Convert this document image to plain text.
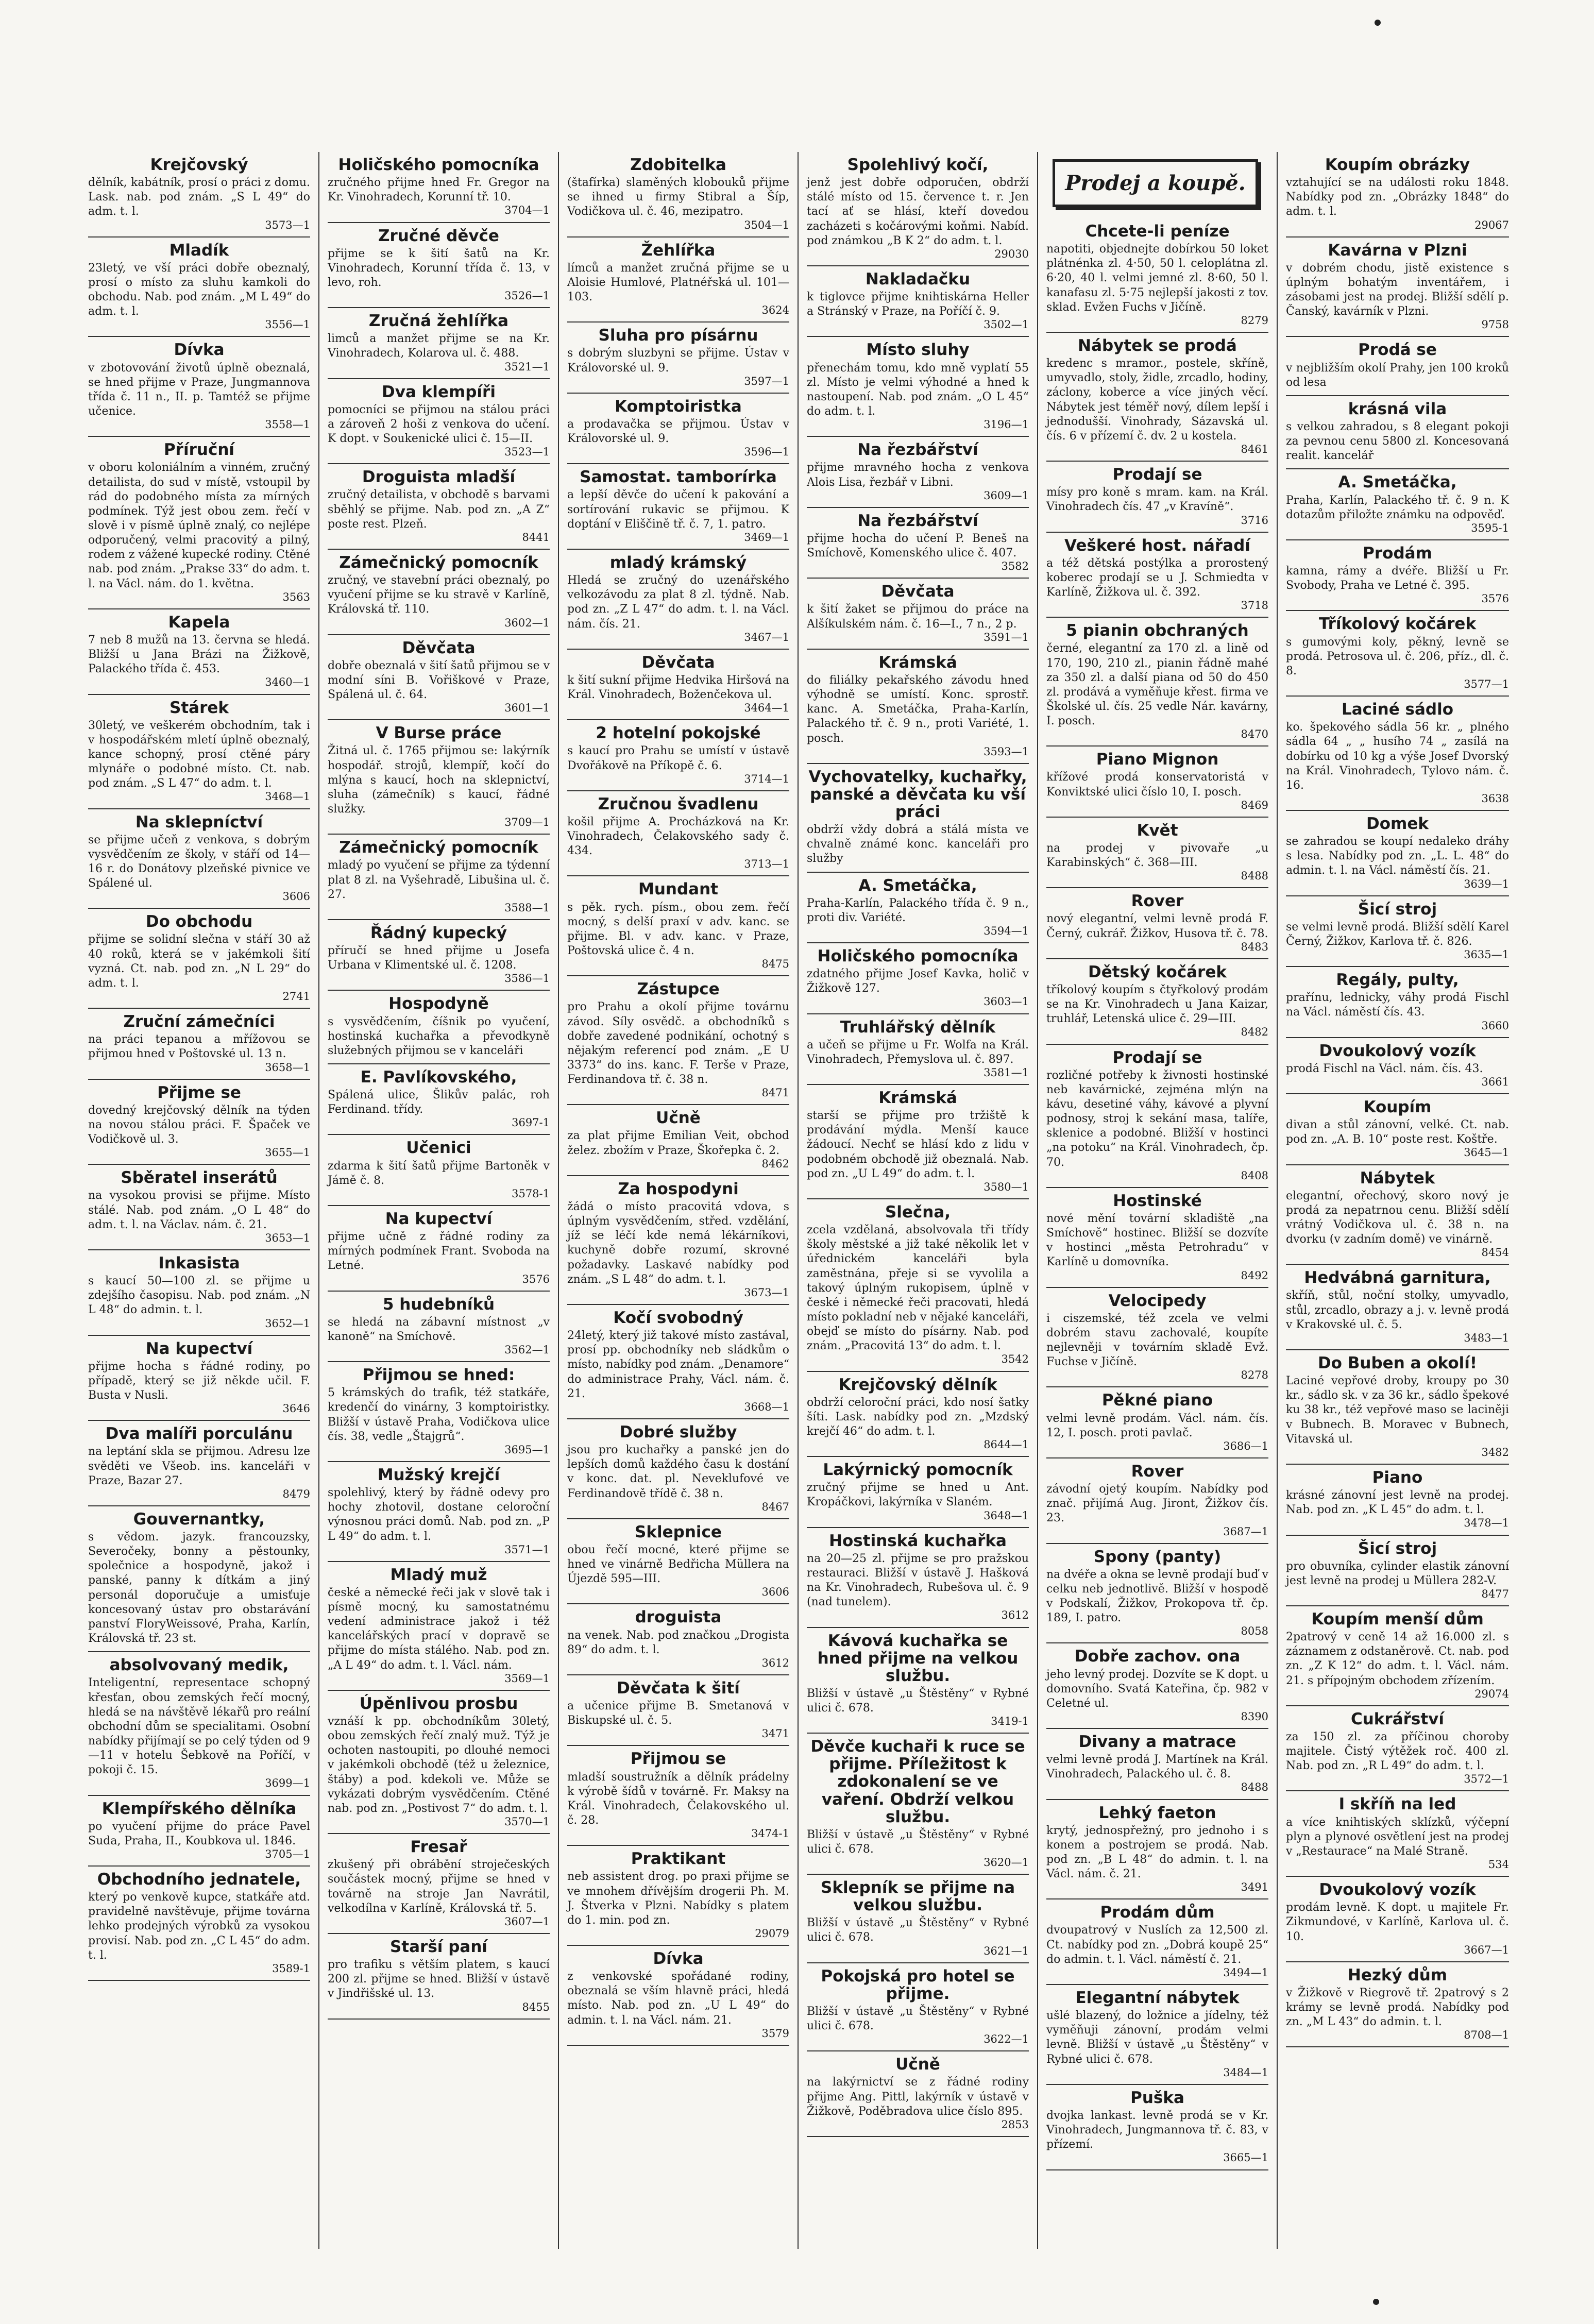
Krejčovský
dělník, kabátník, prosí o práci z domu. Lask. nab. pod znám. „S L 49“ do adm. t. l.
3573—1
Mladík
23letý, ve vší práci dobře obeznalý, prosí o místo za sluhu kamkoli do obchodu. Nab. pod znám. „M L 49“ do adm. t. l.
3556—1
Dívka
v zbotovování životů úplně obeznalá, se hned přijme v Praze, Jungmannova třída č. 11 n., II. p. Tamtéž se přijme učenice.
3558—1
Příruční
v oboru koloniálním a vinném, zručný detailista, do sud v místě, vstoupil by rád do podobného místa za mírných podmínek. Týž jest obou zem. řečí v slově i v písmě úplně znalý, co nejlépe odporučený, velmi pracovitý a pilný, rodem z vážené kupecké rodiny. Ctěné nab. pod znám. „Prakse 33“ do adm. t. l. na Václ. nám. do 1. května.
3563
Kapela
7 neb 8 mužů na 13. června se hledá. Bližší u Jana Brázi na Žižkově, Palackého třída č. 453.
3460—1
Stárek
30letý, ve veškerém obchodním, tak i v hospodářském mletí úplně obeznalý, kance schopný, prosí ctěné páry mlynáře o podobné místo. Ct. nab. pod znám. „S L 47“ do adm. t. l.
3468—1
Na sklepníctví
se přijme učeň z venkova, s dobrým vysvědčením ze školy, v stáří od 14—16 r. do Donátovy plzeňské pivnice ve Spálené ul.
3606
Do obchodu
přijme se solidní slečna v stáří 30 až 40 roků, která se v jakémkoli šití vyzná. Ct. nab. pod zn. „N L 29“ do adm. t. l.
2741
Zruční zámečníci
na práci tepanou a mřížovou se přijmou hned v Poštovské ul. 13 n.
3658—1
Přijme se
dovedný krejčovský dělník na týden na novou stálou práci. F. Špaček ve Vodičkově ul. 3.
3655—1
Sběratel inserátů
na vysokou provisi se přijme. Místo stálé. Nab. pod znám. „O L 48“ do adm. t. l. na Václav. nám. č. 21.
3653—1
Inkasista
s kaucí 50—100 zl. se přijme u zdejšího časopisu. Nab. pod znám. „N L 48“ do admin. t. l.
3652—1
Na kupectví
přijme hocha s řádné rodiny, po případě, který se již někde učil. F. Busta v Nusli.
3646
Dva malíři porculánu
na leptání skla se přijmou. Adresu lze svěděti ve Všeob. ins. kanceláři v Praze, Bazar 27.
8479
Gouvernantky,
s vědom. jazyk. francouzsky, Severočeky, bonny a pěstounky, společnice a hospodyně, jakož i panské, panny k dítkám a jiný personál doporučuje a umisťuje koncesovaný ústav pro obstarávání panství FloryWeissové, Praha, Karlín, Královská tř. 23 st.
absolvovaný medik,
Inteligentní, representace schopný křesťan, obou zemských řečí mocný, hledá se na návštěvě lékařů pro reální obchodní dům se specialitami. Osobní nabídky přijímají se po celý týden od 9—11 v hotelu Šebkově na Poříčí, v pokoji č. 15.
3699—1
Klempířského dělníka
po vyučení přijme do práce Pavel Suda, Praha, II., Koubkova ul. 1846.
3705—1
Obchodního jednatele,
který po venkově kupce, statkáře atd. pravidelně navštěvuje, přijme továrna lehko prodejných výrobků za vysokou provisí. Nab. pod zn. „C L 45“ do adm. t. l.
3589-1
Holičského pomocníka
zručného přijme hned Fr. Gregor na Kr. Vinohradech, Korunní tř. 10.
3704—1
Zručné děvče
přijme se k šití šatů na Kr. Vinohradech, Korunní třída č. 13, v levo, roh.
3526—1
Zručná žehlířka
limců a manžet přijme se na Kr. Vinohradech, Kolarova ul. č. 488.
3521—1
Dva klempíři
pomocníci se přijmou na stálou práci a zároveň 2 hoši z venkova do učení. K dopt. v Soukenické ulici č. 15—II.
3523—1
Droguista mladší
zručný detailista, v obchodě s barvami sběhlý se přijme. Nab. pod zn. „A Z“ poste rest. Plzeň.
8441
Zámečnický pomocník
zručný, ve stavební práci obeznalý, po vyučení přijme se ku stravě v Karlíně, Královská tř. 110.
3602—1
Děvčata
dobře obeznalá v šití šatů přijmou se v modní síni B. Vořiškové v Praze, Spálená ul. č. 64.
3601—1
V Burse práce
Žitná ul. č. 1765 přijmou se: lakýrník hospodář. strojů, klempíř, kočí do mlýna s kaucí, hoch na sklepnictví, sluha (zámečník) s kaucí, řádné služky.
3709—1
Zámečnický pomocník
mladý po vyučení se přijme za týdenní plat 8 zl. na Vyšehradě, Libušina ul. č. 27.
3588—1
Řádný kupecký
příručí se hned přijme u Josefa Urbana v Klimentské ul. č. 1208.
3586—1
Hospodyně
s vysvědčením, číšnik po vyučení, hostinská kuchařka a převodkyně služebných přijmou se v kanceláři
E. Pavlíkovského,
Spálená ulice, Šlikův palác, roh Ferdinand. třídy.
3697-1
Učenici
zdarma k šití šatů přijme Bartoněk v Jámě č. 8.
3578-1
Na kupectví
přijme učně z řádné rodiny za mírných podmínek Frant. Svoboda na Letné.
3576
5 hudebníků
se hledá na zábavní místnost „v kanoně“ na Smíchově.
3562—1
Přijmou se hned:
5 krámských do trafik, též statkáře, kredenčí do vinárny, 3 komptoiristky. Bližší v ústavě Praha, Vodičkova ulice čís. 38, vedle „Štajgrů“.
3695—1
Mužský krejčí
spolehlivý, který by řádně odevy pro hochy zhotovil, dostane celoroční výnosnou práci domů. Nab. pod zn. „P L 49“ do adm. t. l.
3571—1
Mladý muž
české a německé řeči jak v slově tak i písmě mocný, ku samostatnému vedení administrace jakož i též kancelářských prací v dopravě se přijme do místa stálého. Nab. pod zn. „A L 49“ do adm. t. l. Václ. nám.
3569—1
Úpěnlivou prosbu
vznáší k pp. obchodníkům 30letý, obou zemských řečí znalý muž. Týž je ochoten nastoupiti, po dlouhé nemoci v jakémkoli obchodě (též u železnice, štáby) a pod. kdekoli ve. Může se vykázati dobrým vysvědčením. Ctěné nab. pod zn. „Postivost 7“ do adm. t. l.
3570—1
Fresař
zkušený při obrábění stroječeských součástek mocný, přijme se hned v továrně na stroje Jan Navrátil, velkodílna v Karlíně, Královská tř. 5.
3607—1
Starší paní
pro trafiku s větším platem, s kaucí 200 zl. přijme se hned. Bližší v ústavě v Jindřišské ul. 13.
8455
Zdobitelka
(štafírka) slaměných klobouků přijme se ihned u firmy Stibral a Šíp, Vodičkova ul. č. 46, mezipatro.
3504—1
Žehlířka
límců a manžet zručná přijme se u Aloisie Humlové, Platnéřská ul. 101—103.
3624
Sluha pro písárnu
s dobrým sluzbyni se přijme. Ústav v Královorské ul. 9.
3597—1
Komptoiristka
a prodavačka se přijmou. Ústav v Královorské ul. 9.
3596—1
Samostat. tamborírka
a lepší děvče do učení k pakování a sortírování rukavic se přijmou. K doptání v Eliščině tř. č. 7, 1. patro.
3469—1
mladý krámský
Hledá se zručný do uzenářského velkozávodu za plat 8 zl. týdně. Nab. pod zn. „Z L 47“ do adm. t. l. na Václ. nám. čís. 21.
3467—1
Děvčata
k šití sukní přijme Hedvika Hiršová na Král. Vinohradech, Boženčekova ul.
3464—1
2 hotelní pokojské
s kaucí pro Prahu se umístí v ústavě Dvořákově na Příkopě č. 6.
3714—1
Zručnou švadlenu
košil přijme A. Procházková na Kr. Vinohradech, Čelakovského sady č. 434.
3713—1
Mundant
s pěk. rych. písm., obou zem. řečí mocný, s delší praxí v adv. kanc. se přijme. Bl. v adv. kanc. v Praze, Poštovská ulice č. 4 n.
8475
Zástupce
pro Prahu a okolí přijme továrnu závod. Síly osvědč. a obchodníků s dobře zavedené podnikání, ochotný s nějakým referencí pod znám. „E U 3373“ do ins. kanc. F. Terše v Praze, Ferdinandova tř. č. 38 n.
8471
Učně
za plat přijme Emilian Veit, obchod želez. zbožím v Praze, Škořepka č. 2.
8462
Za hospodyni
žádá o místo pracovitá vdova, s úplným vysvědčením, střed. vzdělání, jíž se léčí kde nemá lékárníkovi, kuchyně dobře rozumí, skrovné požadavky. Laskavé nabídky pod znám. „S L 48“ do adm. t. l.
3673—1
Kočí svobodný
24letý, který již takové místo zastával, prosí pp. obchodníky neb sládkům o místo, nabídky pod znám. „Denamore“ do administrace Prahy, Václ. nám. č. 21.
3668—1
Dobré služby
jsou pro kuchařky a panské jen do lepších domů každého času k dostání v konc. dat. pl. Neveklufové ve Ferdinandově třídě č. 38 n.
8467
Sklepnice
obou řečí mocné, které přijme se hned ve vinárně Bedřicha Müllera na Újezdě 595—III.
3606
droguista
na venek. Nab. pod značkou „Drogista 89“ do adm. t. l.
3612
Děvčata k šití
a učenice přijme B. Smetanová v Biskupské ul. č. 5.
3471
Přijmou se
mladší soustružník a dělník prádelny k výrobě šídů v továrně. Fr. Maksy na Král. Vinohradech, Čelakovského ul. č. 28.
3474-1
Praktikant
neb assistent drog. po praxi přijme se ve mnohem dřívějším drogerii Ph. M. J. Štverka v Plzni. Nabídky s platem do 1. min. pod zn.
29079
Dívka
z venkovské spořádané rodiny, obeznalá se vším hlavně práci, hledá místo. Nab. pod zn. „U L 49“ do admin. t. l. na Václ. nám. 21.
3579
Spolehlivý kočí,
jenž jest dobře odporučen, obdrží stálé místo od 15. července t. r. Jen tací ať se hlásí, kteří dovedou zacházeti s kočárovými koňmi. Nabíd. pod známkou „B K 2“ do adm. t. l.
29030
Nakladačku
k tiglovce přijme knihtiskárna Heller a Stránský v Praze, na Poříčí č. 9.
3502—1
Místo sluhy
přenechám tomu, kdo mně vyplatí 55 zl. Místo je velmi výhodné a hned k nastoupení. Nab. pod znám. „O L 45“ do adm. t. l.
3196—1
Na řezbářství
přijme mravného hocha z venkova Alois Lisa, řezbář v Libni.
3609—1
Na řezbářství
přijme hocha do učení P. Beneš na Smíchově, Komenského ulice č. 407.
3582
Děvčata
k šití žaket se přijmou do práce na Alšíkulském nám. č. 16—I., 7 n., 2 p.
3591—1
Krámská
do filiálky pekařského závodu hned výhodně se umístí. Konc. sprostř. kanc. A. Smetáčka, Praha-Karlín, Palackého tř. č. 9 n., proti Variété, 1. posch.
3593—1
Vychovatelky, kuchařky, panské a děvčata ku vší práci
obdrží vždy dobrá a stálá místa ve chvalně známé konc. kanceláři pro služby
A. Smetáčka,
Praha-Karlín, Palackého třída č. 9 n., proti div. Variété.
3594—1
Holičského pomocníka
zdatného přijme Josef Kavka, holič v Žižkově 127.
3603—1
Truhlářský dělník
a učeň se přijme u Fr. Wolfa na Král. Vinohradech, Přemyslova ul. č. 897.
3581—1
Krámská
starší se přijme pro tržiště k prodávání mýdla. Menší kauce žádoucí. Nechť se hlásí kdo z lidu v podobném obchodě již obeznalá. Nab. pod zn. „U L 49“ do adm. t. l.
3580—1
Slečna,
zcela vzdělaná, absolvovala tři třídy školy městské a již také několik let v úřednickém kanceláři byla zaměstnána, přeje si se vyvolila a takový úplným rukopisem, úplně v české i německé řeči pracovati, hledá místo pokladní neb v nějaké kanceláři, obejď se místo do písárny. Nab. pod znám. „Pracovitá 13“ do adm. t. l.
3542
Krejčovský dělník
obdrží celoroční práci, kdo nosí šatky šíti. Lask. nabídky pod zn. „Mzdský krejčí 46“ do adm. t. l.
8644—1
Lakýrnický pomocník
zručný přijme se hned u Ant. Kropáčkovi, lakýrníka v Slaném.
3648—1
Hostinská kuchařka
na 20—25 zl. přijme se pro pražskou restauraci. Bližší v ústavě J. Hašková na Kr. Vinohradech, Rubešova ul. č. 9 (nad tunelem).
3612
Kávová kuchařka se hned přijme na velkou službu.
Bližší v ústavě „u Štěstěny“ v Rybné ulici č. 678.
3419-1
Děvče kuchaři k ruce se přijme. Příležitost k zdokonalení se ve vaření. Obdrží velkou službu.
Bližší v ústavě „u Štěstěny“ v Rybné ulici č. 678.
3620—1
Sklepník se přijme na velkou službu.
Bližší v ústavě „u Štěstěny“ v Rybné ulici č. 678.
3621—1
Pokojská pro hotel se přijme.
Bližší v ústavě „u Štěstěny“ v Rybné ulici č. 678.
3622—1
Učně
na lakýrnictví se z řádné rodiny přijme Ang. Pittl, lakýrník v ústavě v Žižkově, Poděbradova ulice číslo 895.
2853
Prodej a koupě.
Chcete-li peníze
napotiti, objednejte dobírkou 50 loket plátnénka zl. 4·50, 50 l. celoplátna zl. 6·20, 40 l. velmi jemné zl. 8·60, 50 l. kanafasu zl. 5·75 nejlepší jakosti z tov. sklad. Evžen Fuchs v Jičíně.
8279
Nábytek se prodá
kredenc s mramor., postele, skříně, umyvadlo, stoly, židle, zrcadlo, hodiny, záclony, koberce a více jiných věcí. Nábytek jest téměř nový, dílem lepší i jednodušší. Vinohrady, Sázavská ul. čís. 6 v přízemí č. dv. 2 u kostela.
8461
Prodají se
mísy pro koně s mram. kam. na Král. Vinohradech čís. 47 „v Kravíně“.
3716
Veškeré host. nářadí
a též dětská postýlka a prorostený koberec prodají se u J. Schmiedta v Karlíně, Žižkova ul. č. 392.
3718
5 pianin obchraných
černé, elegantní za 170 zl. a lině od 170, 190, 210 zl., pianin řádně mahé za 350 zl. a další piana od 50 do 450 zl. prodává a vyměňuje křest. firma ve Školské ul. čís. 25 vedle Nár. kavárny, I. posch.
8470
Piano Mignon
křížové prodá konservatoristá v Konviktské ulici číslo 10, I. posch.
8469
Květ
na prodej v pivovaře „u Karabinských“ č. 368—III.
8488
Rover
nový elegantní, velmi levně prodá F. Černý, cukrář. Žižkov, Husova tř. č. 78.
8483
Dětský kočárek
tříkolový koupím s čtyřkolový prodám se na Kr. Vinohradech u Jana Kaizar, truhlář, Letenská ulice č. 29—III.
8482
Prodají se
rozličné potřeby k živnosti hostinské neb kavárnické, zejména mlýn na kávu, desetiné váhy, kávové a plyvní podnosy, stroj k sekání masa, talíře, sklenice a podobné. Bližší v hostinci „na potoku“ na Král. Vinohradech, čp. 70.
8408
Hostinské
nové mění tovární skladiště „na Smíchově“ hostinec. Bližší se dozvíte v hostinci „města Petrohradu“ v Karlíně u domovníka.
8492
Velocipedy
i ciszemské, též zcela ve velmi dobrém stavu zachovalé, koupíte nejlevněji v továrním skladě Evž. Fuchse v Jičíně.
8278
Pěkné piano
velmi levně prodám. Václ. nám. čís. 12, I. posch. proti pavlač.
3686—1
Rover
závodní ojetý koupím. Nabídky pod znač. přijímá Aug. Jiront, Žižkov čís. 23.
3687—1
Spony (panty)
na dvéře a okna se levně prodají buď v celku neb jednotlivě. Bližší v hospodě v Podskalí, Žižkov, Prokopova tř. čp. 189, I. patro.
8058
Dobře zachov. ona
jeho levný prodej. Dozvíte se K dopt. u domovního. Svatá Kateřina, čp. 982 v Celetné ul.
8390
Divany a matrace
velmi levně prodá J. Martínek na Král. Vinohradech, Palackého ul. č. 8.
8488
Lehký faeton
krytý, jednospřežný, pro jednoho i s konem a postrojem se prodá. Nab. pod zn. „B L 48“ do admin. t. l. na Václ. nám. č. 21.
3491
Prodám dům
dvoupatrový v Nuslích za 12,500 zl. Ct. nabídky pod zn. „Dobrá koupě 25“ do admin. t. l. Václ. náměstí č. 21.
3494—1
Elegantní nábytek
ušlé blazený, do ložnice a jídelny, též vyměňuji zánovní, prodám velmi levně. Bližší v ústavě „u Štěstěny“ v Rybné ulici č. 678.
3484—1
Puška
dvojka lankast. levně prodá se v Kr. Vinohradech, Jungmannova tř. č. 83, v přízemí.
3665—1
Koupím obrázky
vztahující se na události roku 1848. Nabídky pod zn. „Obrázky 1848“ do adm. t. l.
29067
Kavárna v Plzni
v dobrém chodu, jistě existence s úplným bohatým inventářem, i zásobami jest na prodej. Bližší sdělí p. Čanský, kavárník v Plzni.
9758
Prodá se
v nejbližším okolí Prahy, jen 100 kroků od lesa
krásná vila
s velkou zahradou, s 8 elegant pokoji za pevnou cenu 5800 zl. Koncesovaná realit. kancelář
A. Smetáčka,
Praha, Karlín, Palackého tř. č. 9 n. K dotazům přiložte známku na odpověď.
3595-1
Prodám
kamna, rámy a dvéře. Bližší u Fr. Svobody, Praha ve Letné č. 395.
3576
Tříkolový kočárek
s gumovými koly, pěkný, levně se prodá. Petrosova ul. č. 206, příz., dl. č. 8.
3577—1
Laciné sádlo
ko. špekového sádla 56 kr. „ plného sádla 64 „ „ husího 74 „ zasílá na dobírku od 10 kg a výše Josef Dvorský na Král. Vinohradech, Tylovo nám. č. 16.
3638
Domek
se zahradou se koupí nedaleko dráhy s lesa. Nabídky pod zn. „L. L. 48“ do admin. t. l. na Václ. náměstí čís. 21.
3639—1
Šicí stroj
se velmi levně prodá. Bližší sdělí Karel Černý, Žižkov, Karlova tř. č. 826.
3635—1
Regály, pulty,
prařínu, lednicky, váhy prodá Fischl na Václ. náměstí čís. 43.
3660
Dvoukolový vozík
prodá Fischl na Václ. nám. čís. 43.
3661
Koupím
divan a stůl zánovní, velké. Ct. nab. pod zn. „A. B. 10“ poste rest. Koštře.
3645—1
Nábytek
elegantní, ořechový, skoro nový je prodá za nepatrnou cenu. Bližší sdělí vrátný Vodičkova ul. č. 38 n. na dvorku (v zadním domě) ve vinárně.
8454
Hedvábná garnitura,
skříň, stůl, noční stolky, umyvadlo, stůl, zrcadlo, obrazy a j. v. levně prodá v Krakovské ul. č. 5.
3483—1
Do Buben a okolí!
Laciné vepřové droby, kroupy po 30 kr., sádlo sk. v za 36 kr., sádlo špekové ku 38 kr., též vepřové maso se laciněji v Bubnech. B. Moravec v Bubnech, Vitavská ul.
3482
Piano
krásné zánovní jest levně na prodej. Nab. pod zn. „K L 45“ do adm. t. l.
3478—1
Šicí stroj
pro obuvníka, cylinder elastik zánovní jest levně na prodej u Müllera 282-V.
8477
Koupím menší dům
2patrový v ceně 14 až 16.000 zl. s záznamem z odstaněrově. Ct. nab. pod zn. „Z K 12“ do adm. t. l. Václ. nám. 21. s přípojným obchodem zřízením.
29074
Cukrářství
za 150 zl. za příčinou choroby majitele. Čistý výtěžek roč. 400 zl. Nab. pod zn. „R L 49“ do adm. t. l.
3572—1
I skříň na led
a více knihtiských sklízků, výčepní plyn a plynové osvětlení jest na prodej v „Restaurace“ na Malé Straně.
534
Dvoukolový vozík
prodám levně. K dopt. u majitele Fr. Zikmundové, v Karlíně, Karlova ul. č. 10.
3667—1
Hezký dům
v Žižkově v Riegrově tř. 2patrový s 2 krámy se levně prodá. Nabídky pod zn. „M L 43“ do admin. t. l.
8708—1
